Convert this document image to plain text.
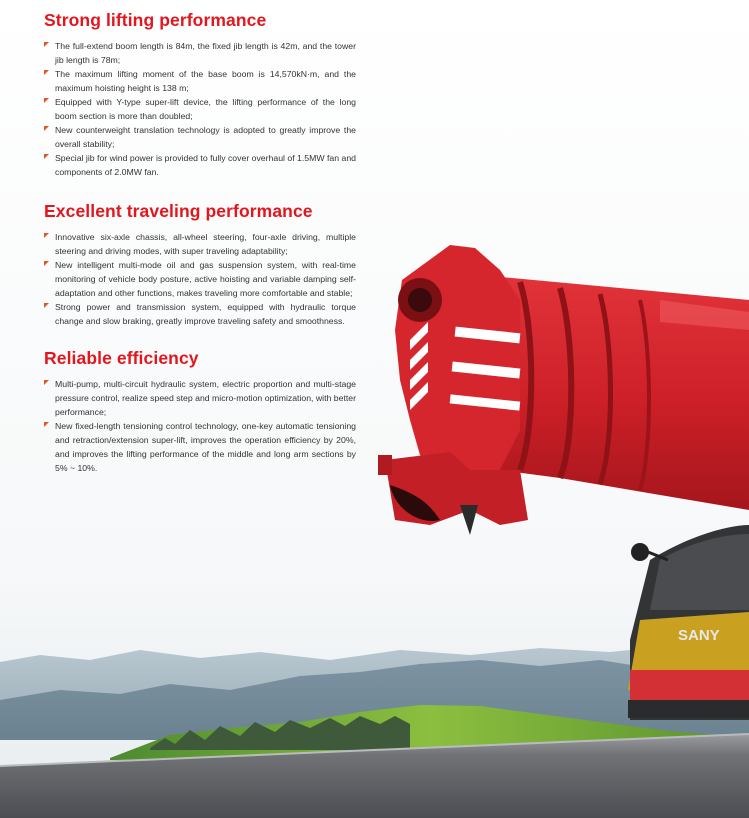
SANY
Strong lifting performance
The full-extend boom length is 84m, the fixed jib length is 42m, and the tower jib length is 78m;
The maximum lifting moment of the base boom is 14,570kN·m, and the maximum hoisting height is 138 m;
Equipped with Y-type super-lift device, the lifting performance of the long boom section is more than doubled;
New counterweight translation technology is adopted to greatly improve the overall stability;
Special jib for wind power is provided to fully cover overhaul of 1.5MW fan and components of 2.0MW fan.
Excellent traveling performance
Innovative six-axle chassis, all-wheel steering, four-axle driving, multiple steering and driving modes, with super traveling adaptability;
New intelligent multi-mode oil and gas suspension system, with real-time monitoring of vehicle body posture, active hoisting and variable damping self-adaptation and other functions, makes traveling more comfortable and stable;
Strong power and transmission system, equipped with hydraulic torque change and slow braking, greatly improve traveling safety and smoothness.
Reliable efficiency
Multi-pump, multi-circuit hydraulic system, electric proportion and multi-stage pressure control, realize speed step and micro-motion optimization, with better performance;
New fixed-length tensioning control technology, one-key automatic tensioning and retraction/extension super-lift, improves the operation efficiency by 20%, and improves the lifting performance of the middle and long arm sections by 5% ~ 10%.
